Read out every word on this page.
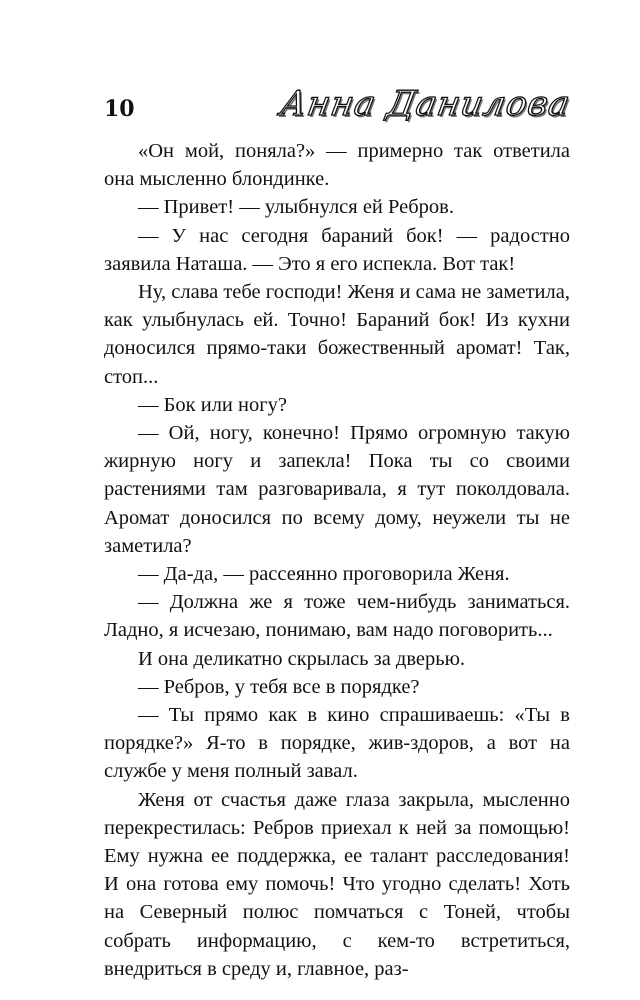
10	Анна Данилова

«Он мой, поняла?» — примерно так ответила она мысленно блондинке.

— Привет! — улыбнулся ей Ребров.

— У нас сегодня бараний бок! — радостно заявила Наташа. — Это я его испекла. Вот так!

Ну, слава тебе господи! Женя и сама не заметила, как улыбнулась ей. Точно! Бараний бок! Из кухни доносился прямо-таки божественный аромат! Так, стоп...

— Бок или ногу?

— Ой, ногу, конечно! Прямо огромную такую жирную ногу и запекла! Пока ты со своими растениями там разговаривала, я тут поколдовала. Аромат доносился по всему дому, неужели ты не заметила?

— Да-да, — рассеянно проговорила Женя.

— Должна же я тоже чем-нибудь заниматься. Ладно, я исчезаю, понимаю, вам надо поговорить...

И она деликатно скрылась за дверью.

— Ребров, у тебя все в порядке?

— Ты прямо как в кино спрашиваешь: «Ты в порядке?» Я-то в порядке, жив-здоров, а вот на службе у меня полный завал.

Женя от счастья даже глаза закрыла, мысленно перекрестилась: Ребров приехал к ней за помощью! Ему нужна ее поддержка, ее талант расследования! И она готова ему помочь! Что угодно сделать! Хоть на Северный полюс помчаться с Тоней, чтобы собрать информацию, с кем-то встретиться, внедриться в среду и, главное, раз-
